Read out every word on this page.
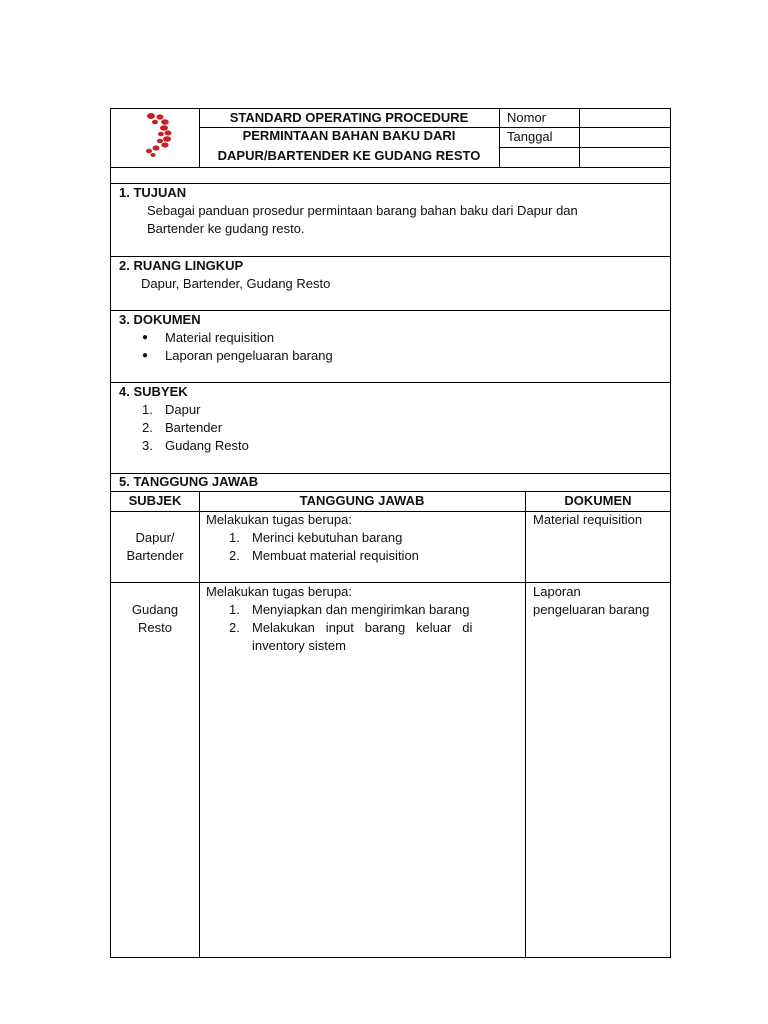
STANDARD OPERATING PROCEDURE
PERMINTAAN BAHAN BAKU DARI
DAPUR/BARTENDER KE GUDANG RESTO
Nomor
Tanggal
1. TUJUAN
Sebagai panduan prosedur permintaan barang bahan baku dari Dapur dan
Bartender ke gudang resto.
2. RUANG LINGKUP
Dapur, Bartender, Gudang Resto
3. DOKUMEN
● Material requisition
● Laporan pengeluaran barang
4. SUBYEK
1. Dapur
2. Bartender
3. Gudang Resto
5. TANGGUNG JAWAB
SUBJEK	TANGGUNG JAWAB	DOKUMEN
Dapur/
Bartender
Melakukan tugas berupa:
1. Merinci kebutuhan barang
2. Membuat material requisition
Material requisition
Gudang
Resto
Melakukan tugas berupa:
1. Menyiapkan dan mengirimkan barang
2. Melakukan   input   barang   keluar   di
inventory sistem
Laporan
pengeluaran barang
